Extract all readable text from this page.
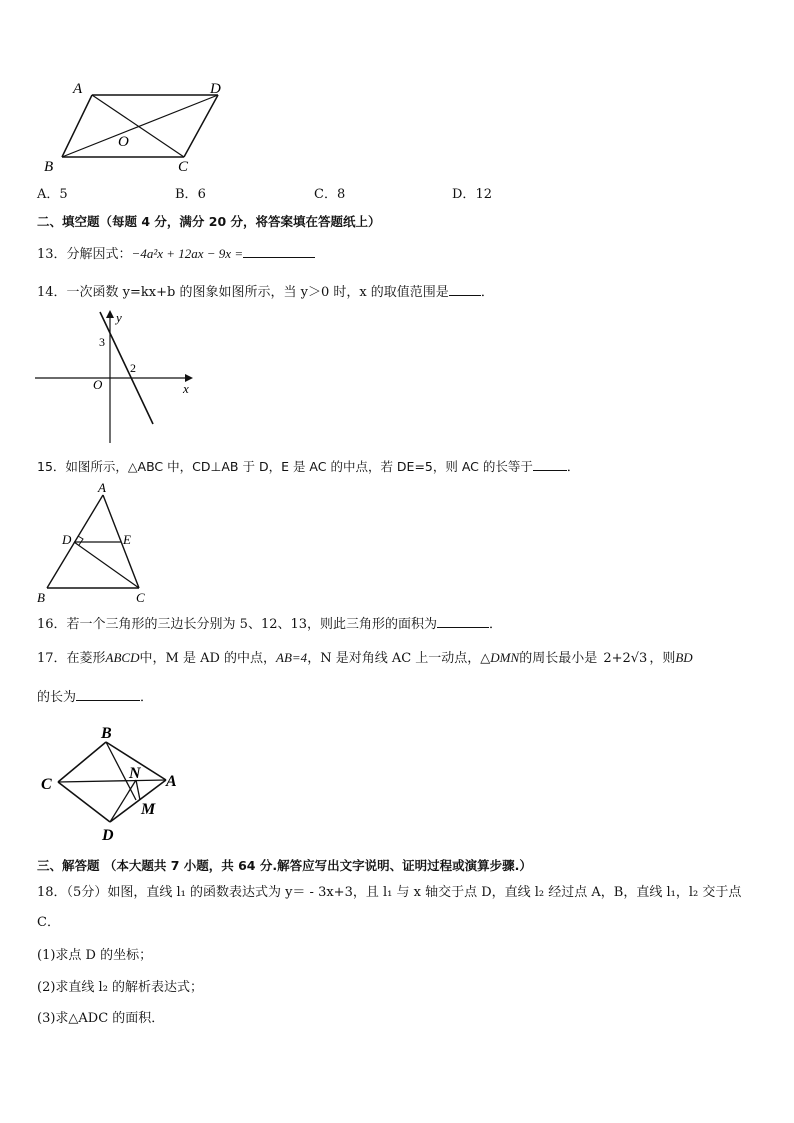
A	D
O
B	C
A．5	B．6	C．8	D．12
二、填空题（每题 4 分，满分 20 分，将答案填在答题纸上）
13．分解因式：−4a²x + 12ax − 9x =
14．一次函数 y=kx+b 的图象如图所示，当 y＞0 时，x 的取值范围是 ．
y
3
2
O	x
15．如图所示，△ABC 中，CD⊥AB 于 D，E 是 AC 的中点，若 DE=5，则 AC 的长等于	．
A
D	E
B	C
16．若一个三角形的三边长分别为 5、12、13，则此三角形的面积为	．
17．在菱形ABCD中，M 是 AD 的中点，AB=4，N 是对角线 AC 上一动点，△DMN的周长最小是 2+2√3 ，则BD
的长为	．
B
C
N A
M
D
三、解答题 （本大题共 7 小题，共 64 分.解答应写出文字说明、证明过程或演算步骤.）
18．（5分）如图，直线 l₁ 的函数表达式为 y＝ - 3x+3，且 l₁ 与 x 轴交于点 D，直线 l₂ 经过点 A，B，直线 l₁，l₂ 交于点
C．
(1)求点 D 的坐标；
(2)求直线 l₂ 的解析表达式；
(3)求△ADC 的面积．
